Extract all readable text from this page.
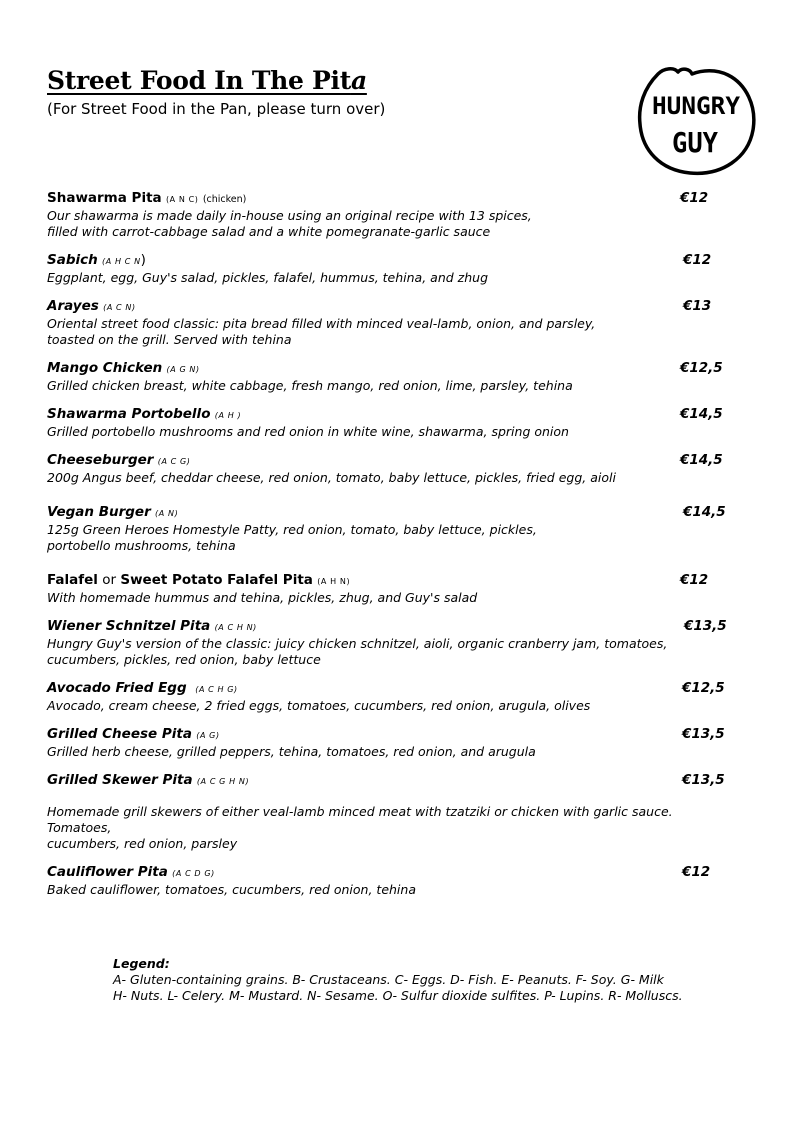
Street Food In The Pita
(For Street Food in the Pan, please turn over)	HUNGRY
GUY
Shawarma Pita (A N C) (chicken)	€12
Our shawarma is made daily in-house using an original recipe with 13 spices,
filled with carrot-cabbage salad and a white pomegranate-garlic sauce
Sabich (A H C N)	€12
Eggplant, egg, Guy's salad, pickles, falafel, hummus, tehina, and zhug
Arayes (A C N)	€13
Oriental street food classic: pita bread filled with minced veal-lamb, onion, and parsley,
toasted on the grill. Served with tehina
Mango Chicken (A G N)	€12,5
Grilled chicken breast, white cabbage, fresh mango, red onion, lime, parsley, tehina
Shawarma Portobello (A H )	€14,5
Grilled portobello mushrooms and red onion in white wine, shawarma, spring onion
Cheeseburger (A C G)	€14,5
200g Angus beef, cheddar cheese, red onion, tomato, baby lettuce, pickles, fried egg, aioli
Vegan Burger (A N)	€14,5
125g Green Heroes Homestyle Patty, red onion, tomato, baby lettuce, pickles,
portobello mushrooms, tehina
Falafel or Sweet Potato Falafel Pita (A H N)	€12
With homemade hummus and tehina, pickles, zhug, and Guy's salad
Wiener Schnitzel Pita (A C H N)	€13,5
Hungry Guy's version of the classic: juicy chicken schnitzel, aioli, organic cranberry jam, tomatoes,
cucumbers, pickles, red onion, baby lettuce
Avocado Fried Egg (A C H G)	€12,5
Avocado, cream cheese, 2 fried eggs, tomatoes, cucumbers, red onion, arugula, olives
Grilled Cheese Pita (A G)	€13,5
Grilled herb cheese, grilled peppers, tehina, tomatoes, red onion, and arugula
Grilled Skewer Pita (A C G H N)	€13,5
Homemade grill skewers of either veal-lamb minced meat with tzatziki or chicken with garlic sauce. Tomatoes,
cucumbers, red onion, parsley
Cauliflower Pita (A C D G)	€12
Baked cauliflower, tomatoes, cucumbers, red onion, tehina
Legend:
A- Gluten-containing grains. B- Crustaceans. C- Eggs. D- Fish. E- Peanuts. F- Soy. G- Milk
H- Nuts. L- Celery. M- Mustard. N- Sesame. O- Sulfur dioxide sulfites. P- Lupins. R- Molluscs.
